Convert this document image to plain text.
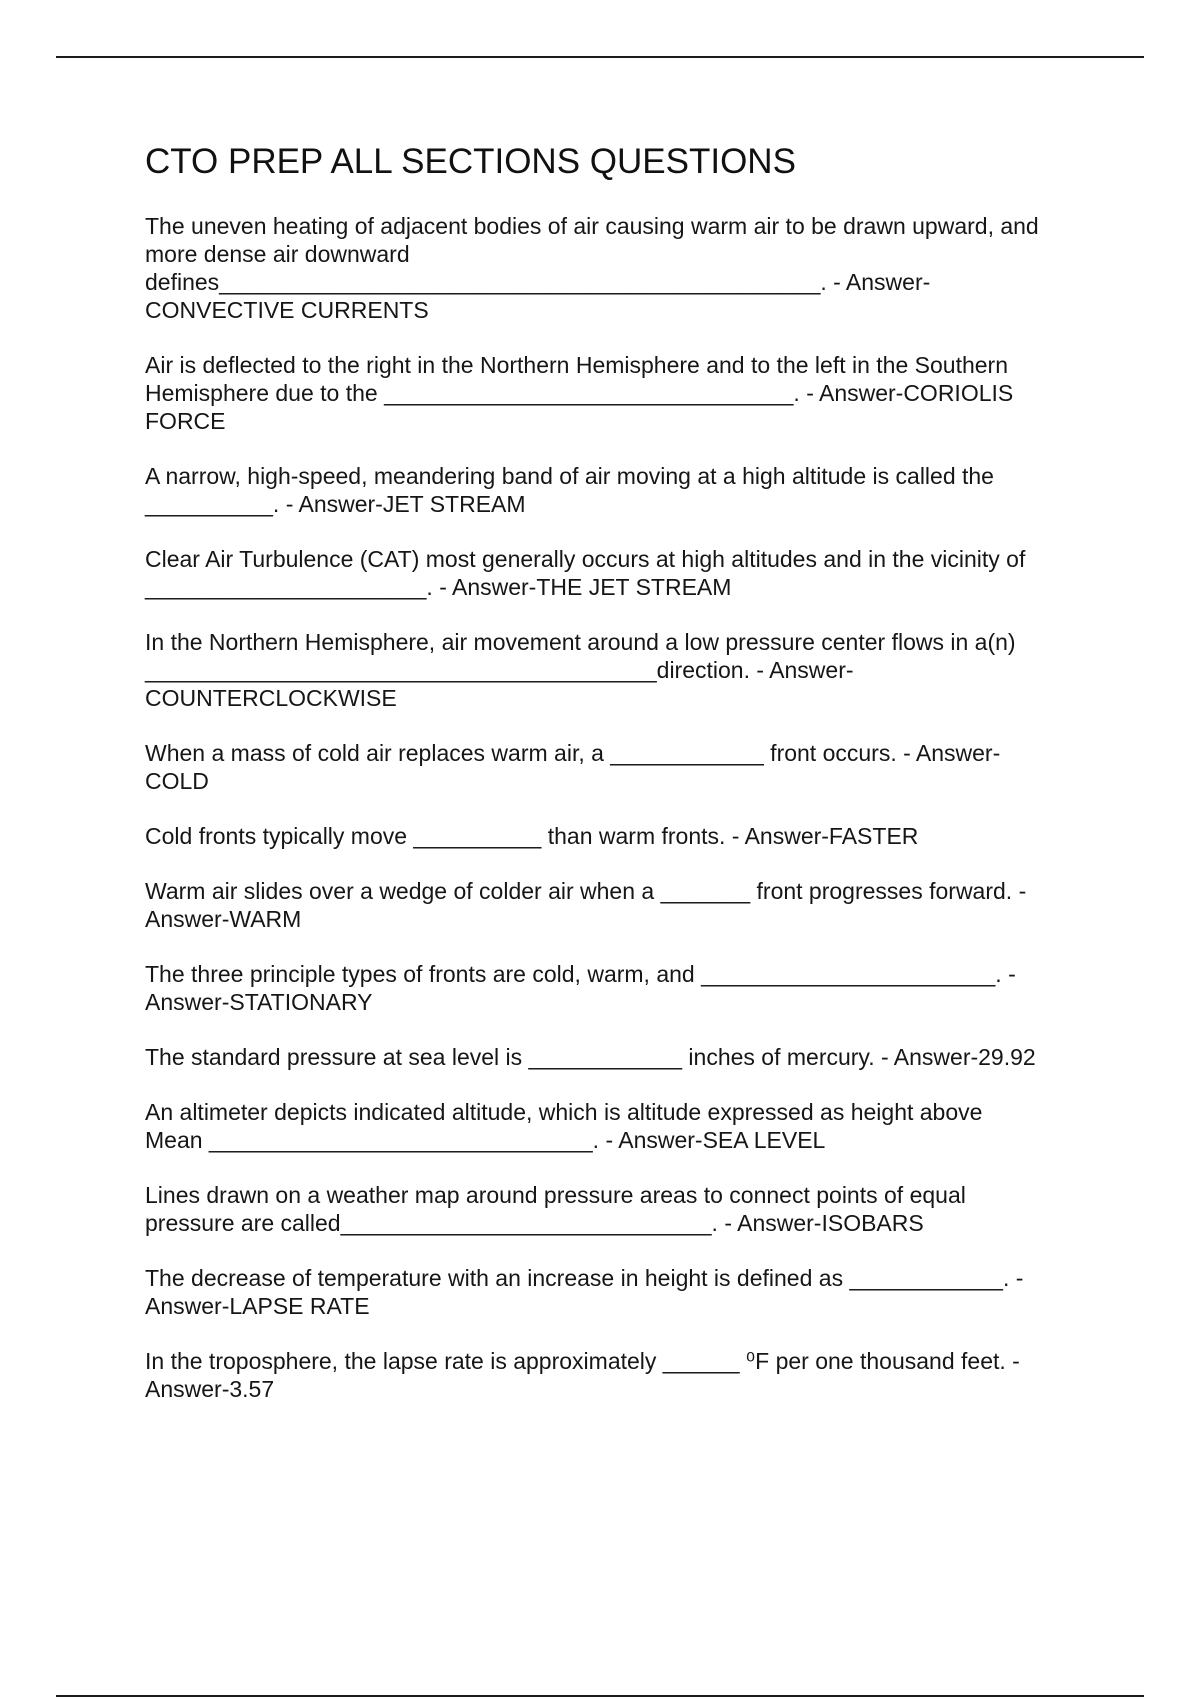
CTO PREP ALL SECTIONS QUESTIONS

The uneven heating of adjacent bodies of air causing warm air to be drawn upward, and
more dense air downward
defines_______________________________________________. - Answer-
CONVECTIVE CURRENTS

Air is deflected to the right in the Northern Hemisphere and to the left in the Southern
Hemisphere due to the ________________________________. - Answer-CORIOLIS
FORCE

A narrow, high-speed, meandering band of air moving at a high altitude is called the
__________. - Answer-JET STREAM

Clear Air Turbulence (CAT) most generally occurs at high altitudes and in the vicinity of
______________________. - Answer-THE JET STREAM

In the Northern Hemisphere, air movement around a low pressure center flows in a(n)
________________________________________direction. - Answer-
COUNTERCLOCKWISE

When a mass of cold air replaces warm air, a ____________ front occurs. - Answer-
COLD

Cold fronts typically move __________ than warm fronts. - Answer-FASTER

Warm air slides over a wedge of colder air when a _______ front progresses forward. -
Answer-WARM

The three principle types of fronts are cold, warm, and _______________________. -
Answer-STATIONARY

The standard pressure at sea level is ____________ inches of mercury. - Answer-29.92

An altimeter depicts indicated altitude, which is altitude expressed as height above
Mean ______________________________. - Answer-SEA LEVEL

Lines drawn on a weather map around pressure areas to connect points of equal
pressure are called_____________________________. - Answer-ISOBARS

The decrease of temperature with an increase in height is defined as ____________. -
Answer-LAPSE RATE

In the troposphere, the lapse rate is approximately ______ ⁰F per one thousand feet. -
Answer-3.57
